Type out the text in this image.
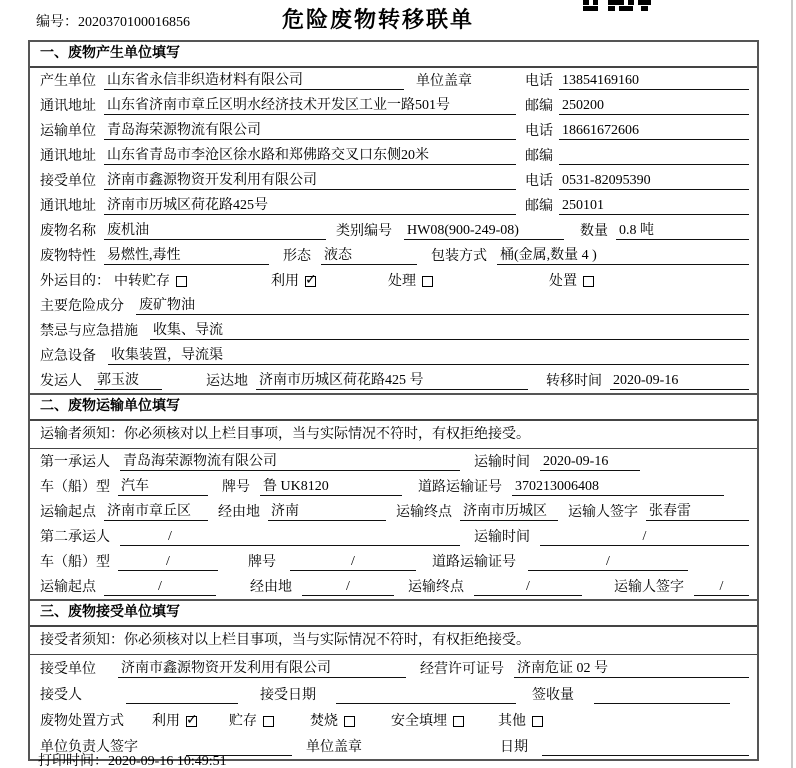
编号：2020370100016856	危险废物转移联单
一、废物产生单位填写
产生单位 山东省永信非织造材料有限公司	单位盖章	电话 13854169160
通讯地址 山东省济南市章丘区明水经济技术开发区工业一路501号	邮编 250200
运输单位 青岛海荣源物流有限公司	电话 18661672606
通讯地址 山东省青岛市李沧区徐水路和郑佛路交叉口东侧20米	邮编
接受单位 济南市鑫源物资开发利用有限公司	电话 0531-82095390
通讯地址 济南市历城区荷花路425号	邮编 250101
废物名称 废机油	类别编号 HW08(900-249-08)	数量 0.8 吨
废物特性 易燃性,毒性	形态 液态	包装方式 桶(金属,数量 4 )
外运目的： 中转贮存	利用 ✓	处理	处置
主要危险成分 废矿物油
禁忌与应急措施 收集、导流
应急设备 收集装置，导流渠
发运人 郭玉波	运达地 济南市历城区荷花路425 号	转移时间 2020-09-16
二、废物运输单位填写
运输者须知：你必须核对以上栏目事项，当与实际情况不符时，有权拒绝接受。
第一承运人 青岛海荣源物流有限公司	运输时间 2020-09-16
车（船）型 汽车	牌号 鲁 UK8120	道路运输证号 370213006408
运输起点 济南市章丘区	经由地 济南	运输终点 济南市历城区	运输人签字 张春雷
第二承运人	/	运输时间	/
车（船）型	/	牌号	/	道路运输证号	/
运输起点	/	经由地	/	运输终点	/	运输人签字	/
三、废物接受单位填写
接受者须知：你必须核对以上栏目事项，当与实际情况不符时，有权拒绝接受。
接受单位 济南市鑫源物资开发利用有限公司	经营许可证号 济南危证 02 号
接受人	接受日期	签收量
废物处置方式 利用 ✓	贮存	焚烧	安全填埋	其他
单位负责人签字	单位盖章	日期
打印时间：2020-09-16 10:49:51
